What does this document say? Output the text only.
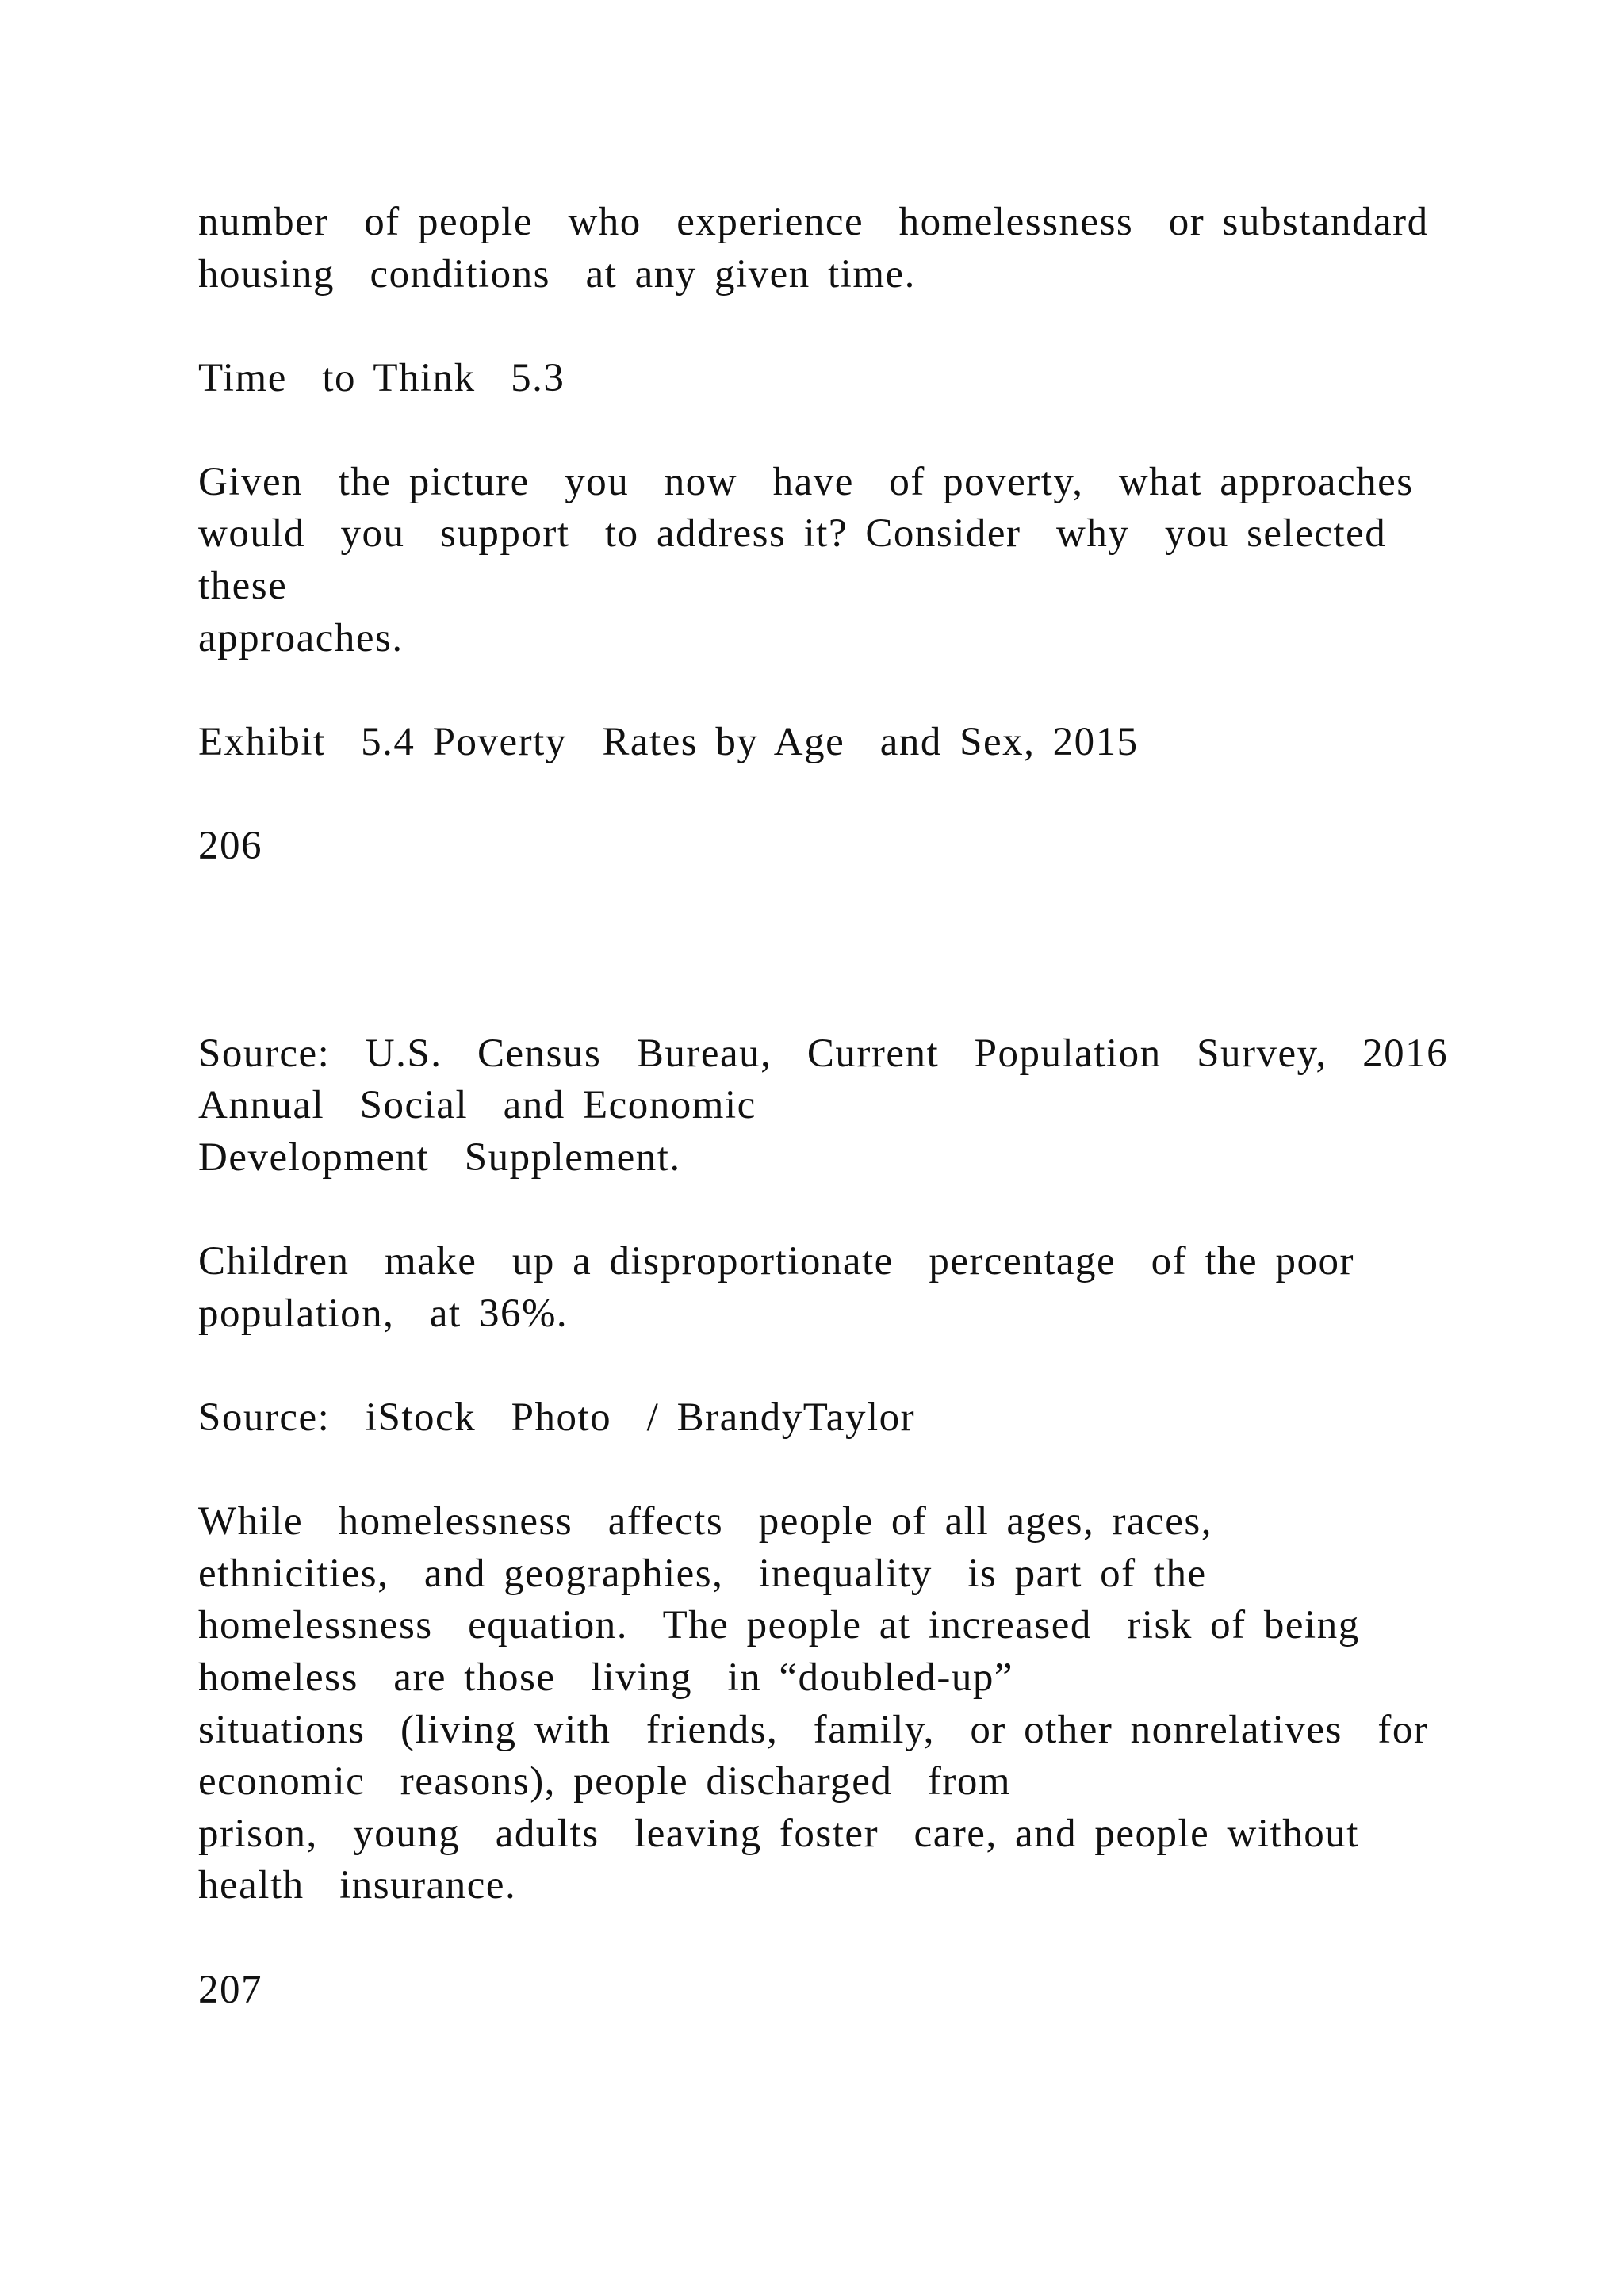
number  of people  who  experience  homelessness  or substandard

housing  conditions  at any given time.

Time  to Think  5.3

Given  the picture  you  now  have  of poverty,  what approaches

would  you  support  to address it? Consider  why  you selected

these

approaches.

Exhibit  5.4 Poverty  Rates by Age  and Sex, 2015

206

Source:  U.S.  Census  Bureau,  Current  Population  Survey,  2016

Annual  Social  and Economic

Development  Supplement.

Children  make  up a disproportionate  percentage  of the poor

population,  at 36%.

Source:  iStock  Photo  / BrandyTaylor

While  homelessness  affects  people of all ages, races,

ethnicities,  and geographies,  inequality  is part of the

homelessness  equation.  The people at increased  risk of being

homeless  are those  living  in “doubled-up”

situations  (living with  friends,  family,  or other nonrelatives  for

economic  reasons), people discharged  from

prison,  young  adults  leaving foster  care, and people without

health  insurance.

207
